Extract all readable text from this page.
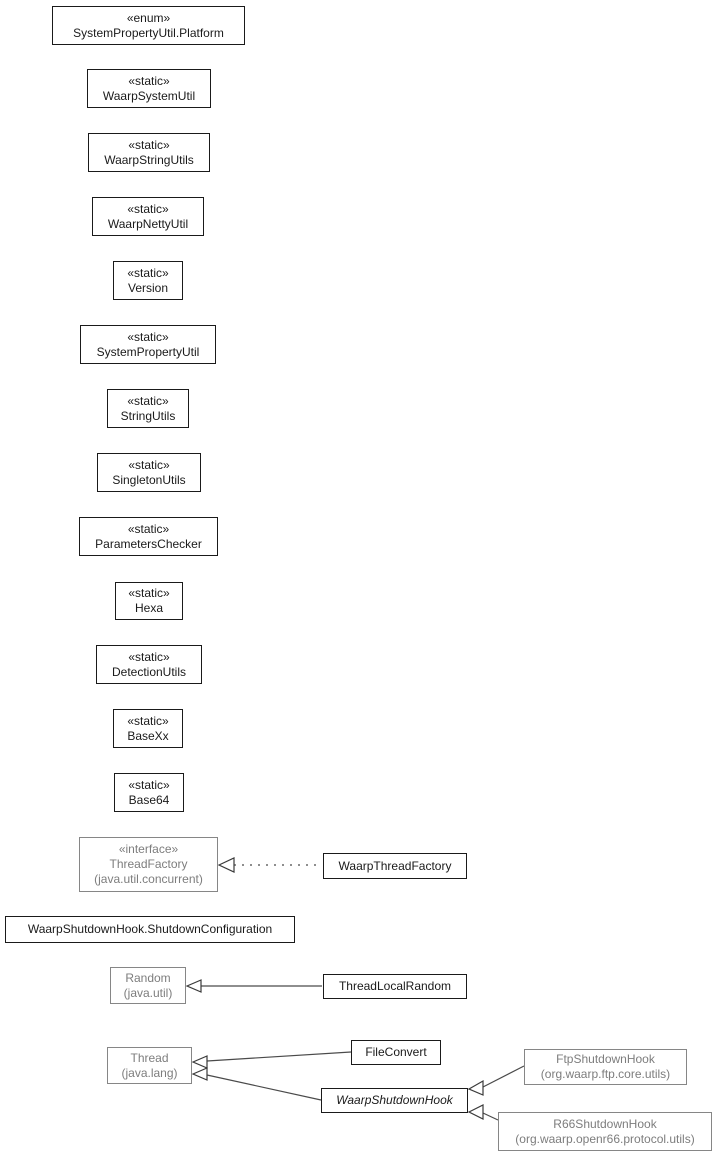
«enum»
SystemPropertyUtil.Platform
«static»
WaarpSystemUtil
«static»
WaarpStringUtils
«static»
WaarpNettyUtil
«static»
Version
«static»
SystemPropertyUtil
«static»
StringUtils
«static»
SingletonUtils
«static»
ParametersChecker
«static»
Hexa
«static»
DetectionUtils
«static»
BaseXx
«static»
Base64
«interface»
ThreadFactory
(java.util.concurrent)
WaarpThreadFactory
WaarpShutdownHook.ShutdownConfiguration
Random
(java.util)	ThreadLocalRandom
Thread
(java.lang)
FileConvert
WaarpShutdownHook
FtpShutdownHook
(org.waarp.ftp.core.utils)
R66ShutdownHook
(org.waarp.openr66.protocol.utils)
